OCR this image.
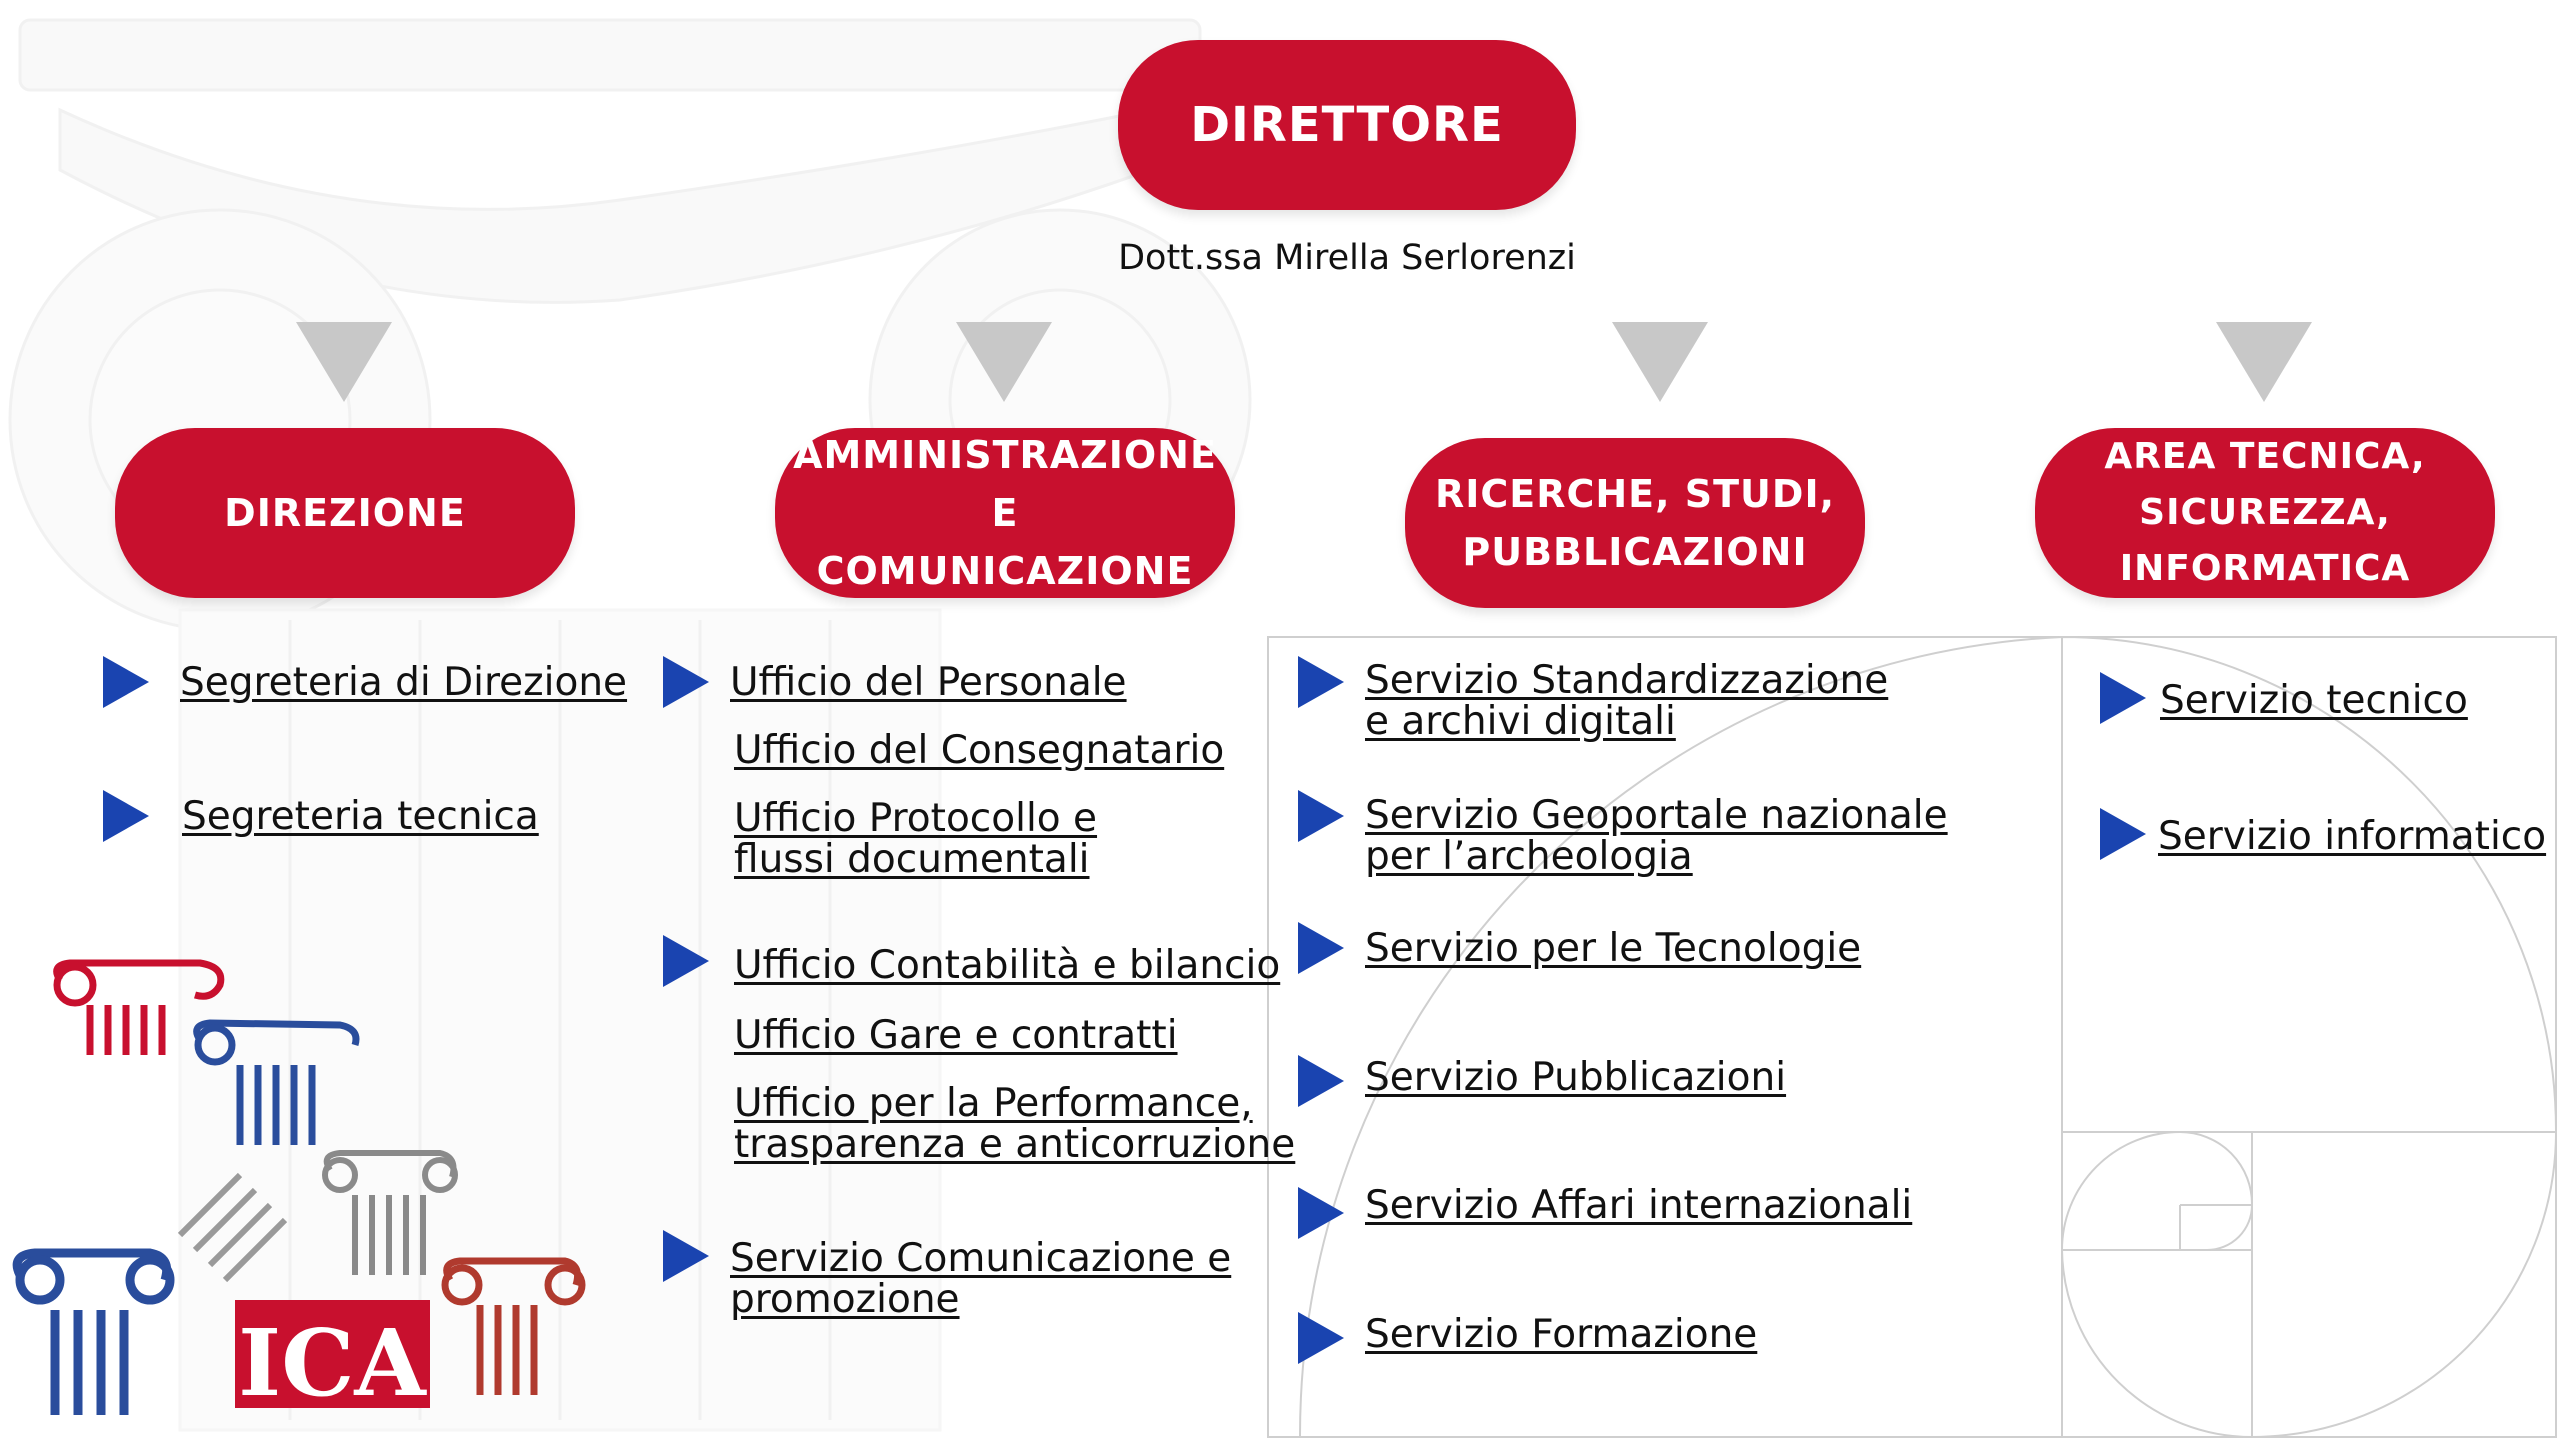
DIRETTORE
Dott.ssa Mirella Serlorenzi
DIREZIONE
AMMINISTRAZIONE E
COMUNICAZIONE
RICERCHE, STUDI,
PUBBLICAZIONI
AREA TECNICA,
SICUREZZA,
INFORMATICA
Segreteria di Direzione
Segreteria tecnica
Ufficio del Personale
Ufficio del Consegnatario
Ufficio Protocollo e
flussi documentali
Ufficio Contabilità e bilancio
Ufficio Gare e contratti
Ufficio per la Performance,
trasparenza e anticorruzione
Servizio Comunicazione e
promozione
Servizio Standardizzazione
e archivi digitali
Servizio Geoportale nazionale
per l’archeologia
Servizio per le Tecnologie
Servizio Pubblicazioni
Servizio Affari internazionali
Servizio Formazione
Servizio tecnico
Servizio informatico
ICA
